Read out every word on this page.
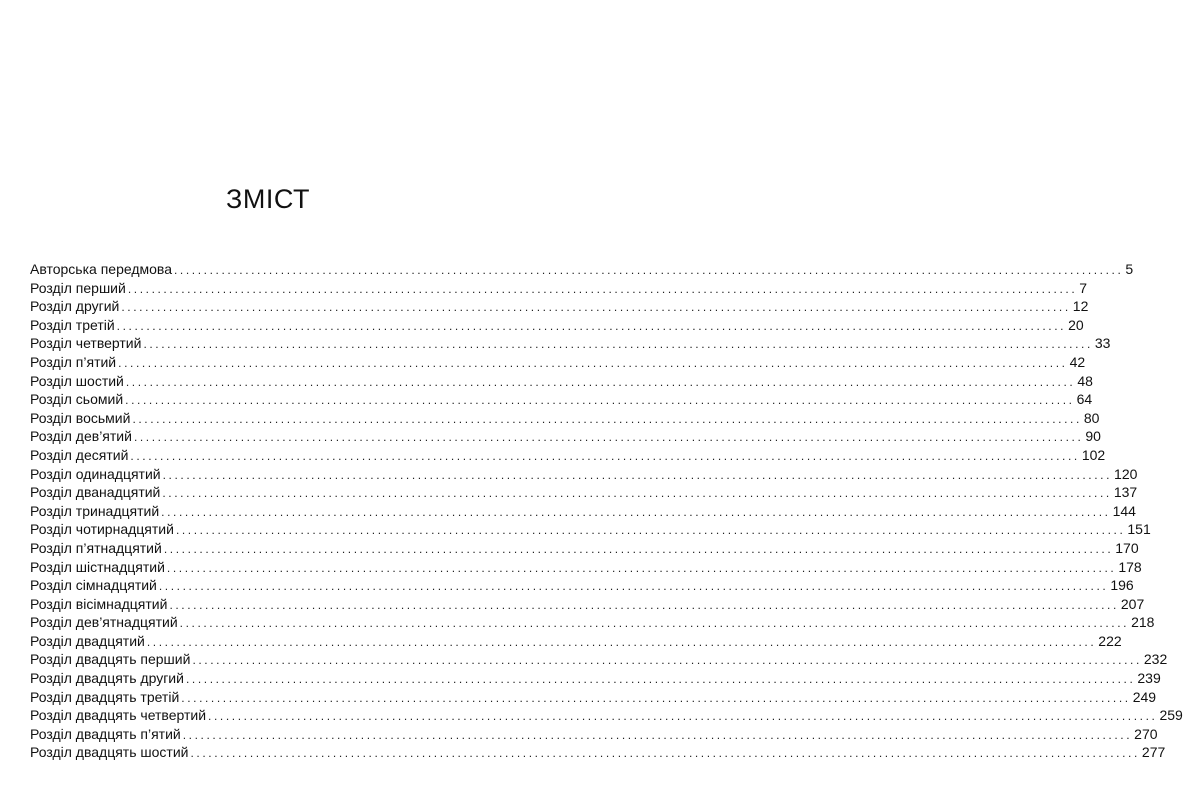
ЗМІСТ
Авторська передмова ................................................................................................................................................................ 5
Розділ перший ................................................................................................................................................................ 7
Розділ другий ................................................................................................................................................................ 12
Розділ третій ................................................................................................................................................................ 20
Розділ четвертий ................................................................................................................................................................ 33
Розділ п’ятий ................................................................................................................................................................ 42
Розділ шостий ................................................................................................................................................................ 48
Розділ сьомий ................................................................................................................................................................ 64
Розділ восьмий ................................................................................................................................................................ 80
Розділ дев’ятий ................................................................................................................................................................ 90
Розділ десятий ................................................................................................................................................................ 102
Розділ одинадцятий ................................................................................................................................................................ 120
Розділ дванадцятий ................................................................................................................................................................ 137
Розділ тринадцятий ................................................................................................................................................................ 144
Розділ чотирнадцятий ................................................................................................................................................................ 151
Розділ п’ятнадцятий ................................................................................................................................................................ 170
Розділ шістнадцятий ................................................................................................................................................................ 178
Розділ сімнадцятий ................................................................................................................................................................ 196
Розділ вісімнадцятий ................................................................................................................................................................ 207
Розділ дев’ятнадцятий ................................................................................................................................................................ 218
Розділ двадцятий ................................................................................................................................................................ 222
Розділ двадцять перший ................................................................................................................................................................ 232
Розділ двадцять другий ................................................................................................................................................................ 239
Розділ двадцять третій ................................................................................................................................................................ 249
Розділ двадцять четвертий ................................................................................................................................................................ 259
Розділ двадцять п’ятий ................................................................................................................................................................ 270
Розділ двадцять шостий ................................................................................................................................................................ 277
